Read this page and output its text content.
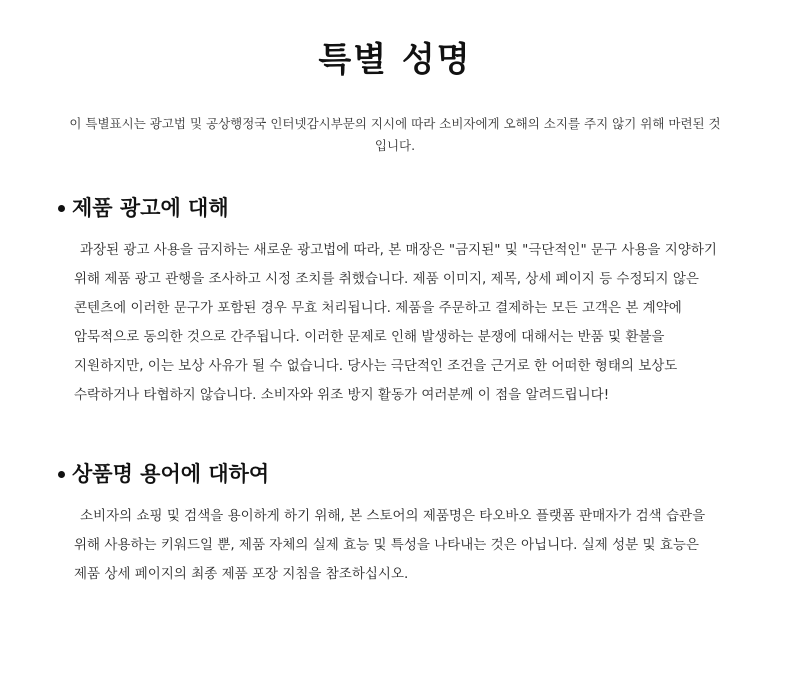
특별 성명

이 특별표시는 광고법 및 공상행정국 인터넷감시부문의 지시에 따라 소비자에게 오해의 소지를 주지 않기 위해 마련된 것입니다.

제품 광고에 대해

과장된 광고 사용을 금지하는 새로운 광고법에 따라, 본 매장은 "금지된" 및 "극단적인" 문구 사용을 지양하기 위해 제품 광고 관행을 조사하고 시정 조치를 취했습니다. 제품 이미지, 제목, 상세 페이지 등 수정되지 않은 콘텐츠에 이러한 문구가 포함된 경우 무효 처리됩니다. 제품을 주문하고 결제하는 모든 고객은 본 계약에 암묵적으로 동의한 것으로 간주됩니다. 이러한 문제로 인해 발생하는 분쟁에 대해서는 반품 및 환불을 지원하지만, 이는 보상 사유가 될 수 없습니다. 당사는 극단적인 조건을 근거로 한 어떠한 형태의 보상도 수락하거나 타협하지 않습니다. 소비자와 위조 방지 활동가 여러분께 이 점을 알려드립니다!

상품명 용어에 대하여

소비자의 쇼핑 및 검색을 용이하게 하기 위해, 본 스토어의 제품명은 타오바오 플랫폼 판매자가 검색 습관을 위해 사용하는 키워드일 뿐, 제품 자체의 실제 효능 및 특성을 나타내는 것은 아닙니다. 실제 성분 및 효능은 제품 상세 페이지의 최종 제품 포장 지침을 참조하십시오.
